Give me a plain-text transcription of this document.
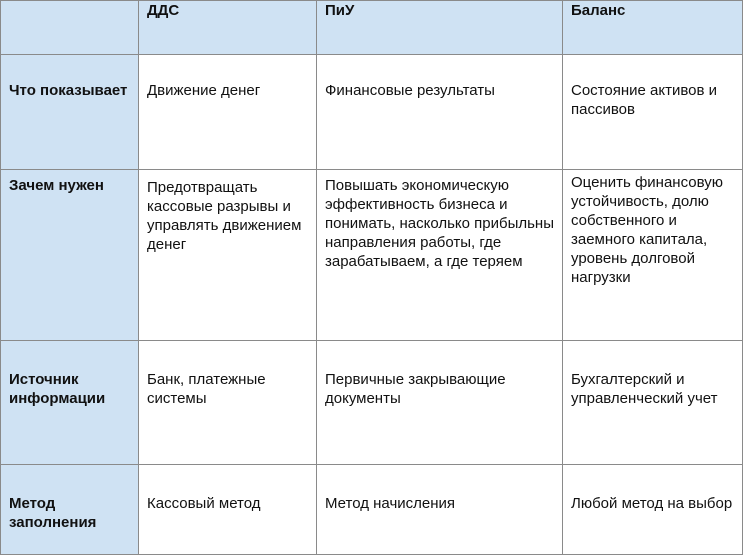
	ДДС	ПиУ	Баланс
Что показывает	Движение денег	Финансовые результаты	Состояние активов и пассивов
Зачем нужен	Предотвращать кассовые разрывы и управлять движением денег	Повышать экономическую эффективность бизнеса и понимать, насколько прибыльны направления работы, где зарабатываем, а где теряем	Оценить финансовую устойчивость, долю собственного и заемного капитала, уровень долговой нагрузки
Источник информации	Банк, платежные системы	Первичные закрывающие документы	Бухгалтерский и управленческий учет
Метод заполнения	Кассовый метод	Метод начисления	Любой метод на выбор
